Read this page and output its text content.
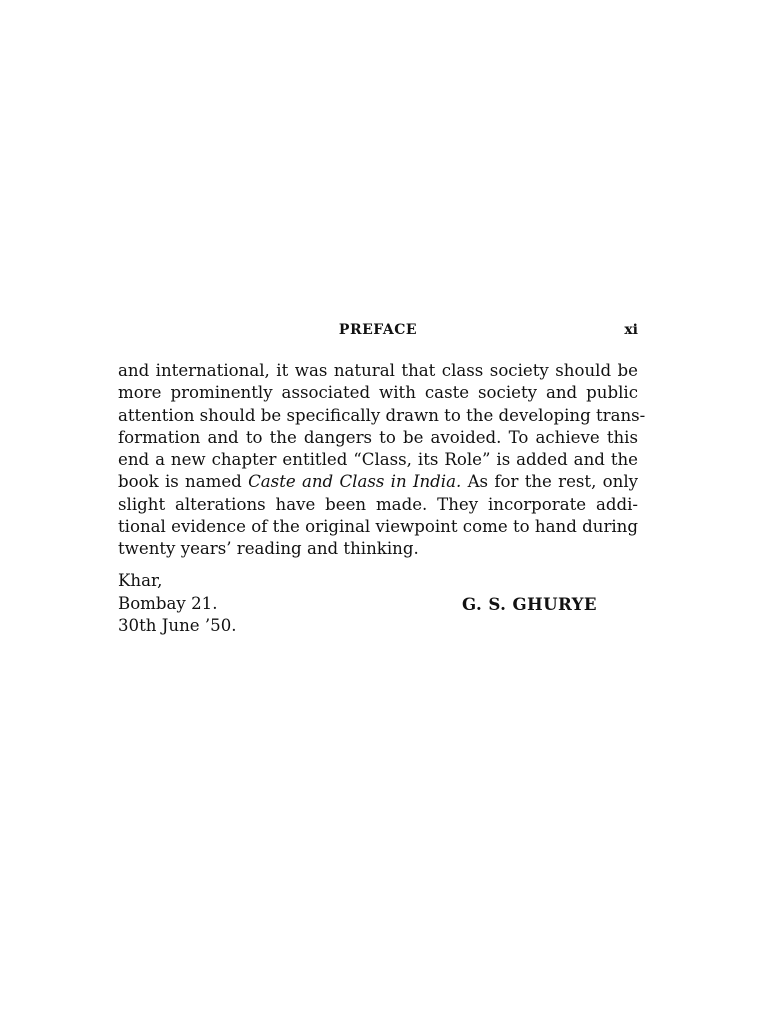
PREFACE	xi
and international, it was natural that class society should be
more prominently associated with caste society and public
attention should be specifically drawn to the developing trans-
formation and to the dangers to be avoided. To achieve this
end a new chapter entitled “Class, its Role” is added and the
book is named Caste and Class in India. As for the rest, only
slight alterations have been made. They incorporate addi-
tional evidence of the original viewpoint come to hand during
twenty years’ reading and thinking.
Khar,
Bombay 21.
30th June ’50.
G. S. GHURYE
